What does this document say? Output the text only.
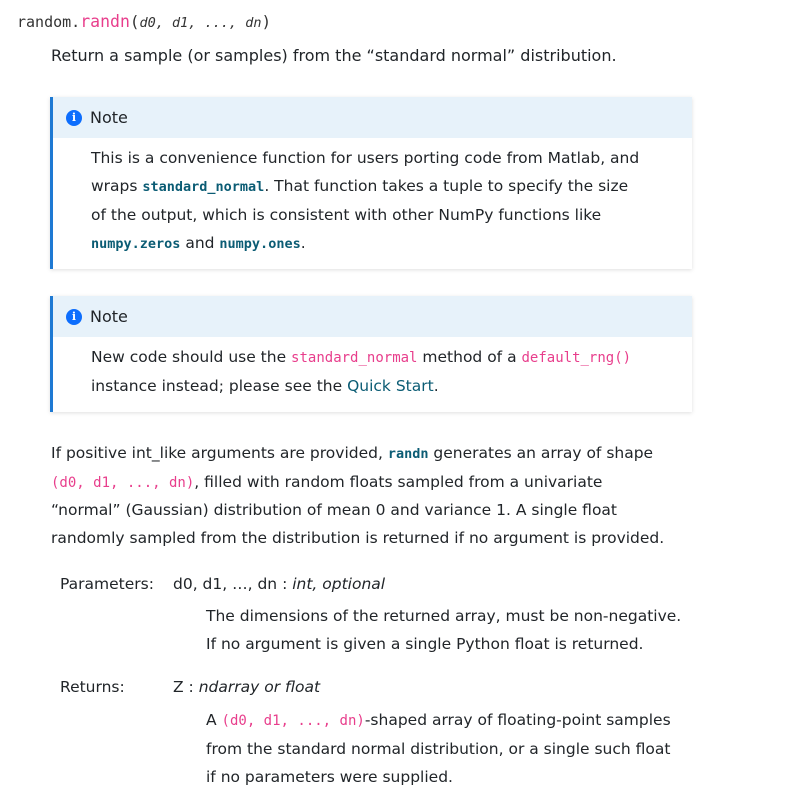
random.randn(d0, d1, ..., dn)
Return a sample (or samples) from the “standard normal” distribution.
i Note
This is a convenience function for users porting code from Matlab, and
wraps standard_normal. That function takes a tuple to specify the size
of the output, which is consistent with other NumPy functions like
numpy.zeros and numpy.ones.
i Note
New code should use the standard_normal method of a default_rng()
instance instead; please see the Quick Start.
If positive int_like arguments are provided, randn generates an array of shape
(d0, d1, ..., dn), filled with random floats sampled from a univariate
“normal” (Gaussian) distribution of mean 0 and variance 1. A single float
randomly sampled from the distribution is returned if no argument is provided.
Parameters: d0, d1, …, dn : int, optional
The dimensions of the returned array, must be non-negative.
If no argument is given a single Python float is returned.
Returns:	Z : ndarray or float
A (d0, d1, ..., dn)-shaped array of floating-point samples
from the standard normal distribution, or a single such float
if no parameters were supplied.
